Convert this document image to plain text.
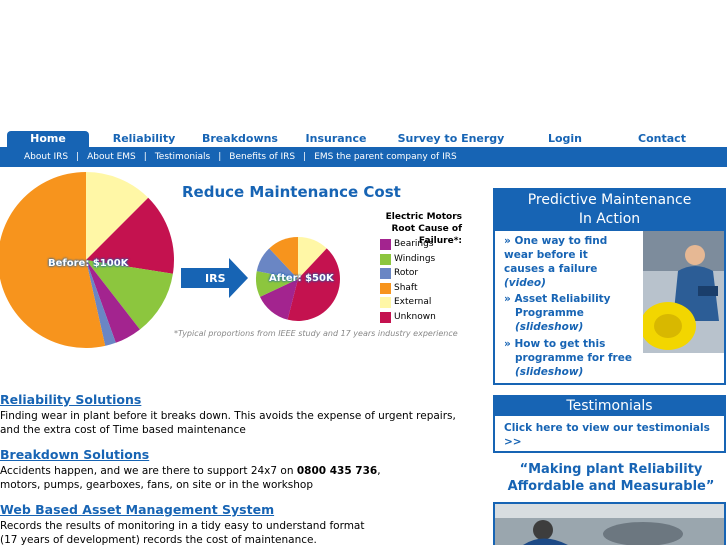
Home	Reliability	Breakdowns	Insurance	Survey to Energy	Login	Contact
About IRS | About EMS | Testimonials | Benefits of IRS | EMS the parent company of IRS
Reduce Maintenance Cost
Before: $100K
After: $50K
IRS
Electric Motors
Root Cause of Failure*:
Bearings
Windings
Rotor
Shaft
External
Unknown
*Typical proportions from IEEE study and 17 years industry experience
Reliability Solutions
Finding wear in plant before it breaks down. This avoids the expense of urgent repairs,
and the extra cost of Time based maintenance
Breakdown Solutions
Accidents happen, and we are there to support 24x7 on 0800 435 736,
motors, pumps, gearboxes, fans, on site or in the workshop
Web Based Asset Management System
Records the results of monitoring in a tidy easy to understand format
(17 years of development) records the cost of maintenance.
Predictive Maintenance
In Action
» One way to find
wear before it
causes a failure
(video)
» Asset Reliability
Programme
(slideshow)
» How to get this
programme for free
(slideshow)
Testimonials
Click here to view our testimonials
>>
“Making plant Reliability
Affordable and Measurable”
